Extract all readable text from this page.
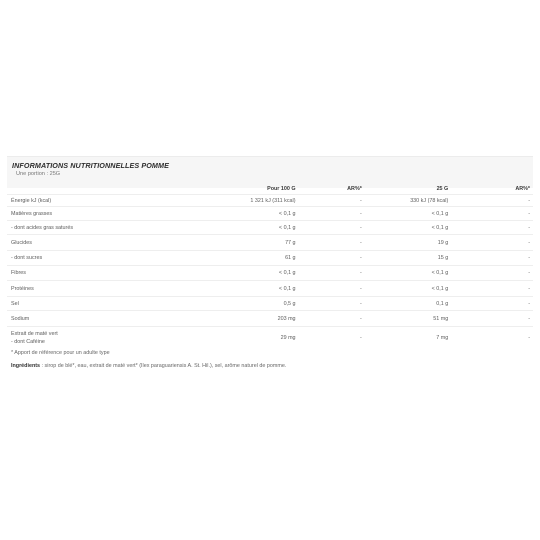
INFORMATIONS NUTRITIONNELLES POMME
Une portion : 25G
	Pour 100 G	AR%*	25 G	AR%*
Énergie kJ (kcal)	1 321 kJ (311 kcal)	-	330 kJ (78 kcal)	-
Matières grasses	< 0,1 g	-	< 0,1 g	-
- dont acides gras saturés	< 0,1 g	-	< 0,1 g	-
Glucides	77 g	-	19 g	-
- dont sucres	61 g	-	15 g	-
Fibres	< 0,1 g	-	< 0,1 g	-
Protéines	< 0,1 g	-	< 0,1 g	-
Sel	0,5 g	-	0,1 g	-
Sodium	203 mg	-	51 mg	-

Extrait de maté vert
- dont Caféine	29 mg	-	7 mg	-
* Apport de référence pour un adulte type
Ingrédients : sirop de blé*, eau, extrait de maté vert* (Ilex paraguariensis A. St. Hil.), sel, arôme naturel de pomme.
